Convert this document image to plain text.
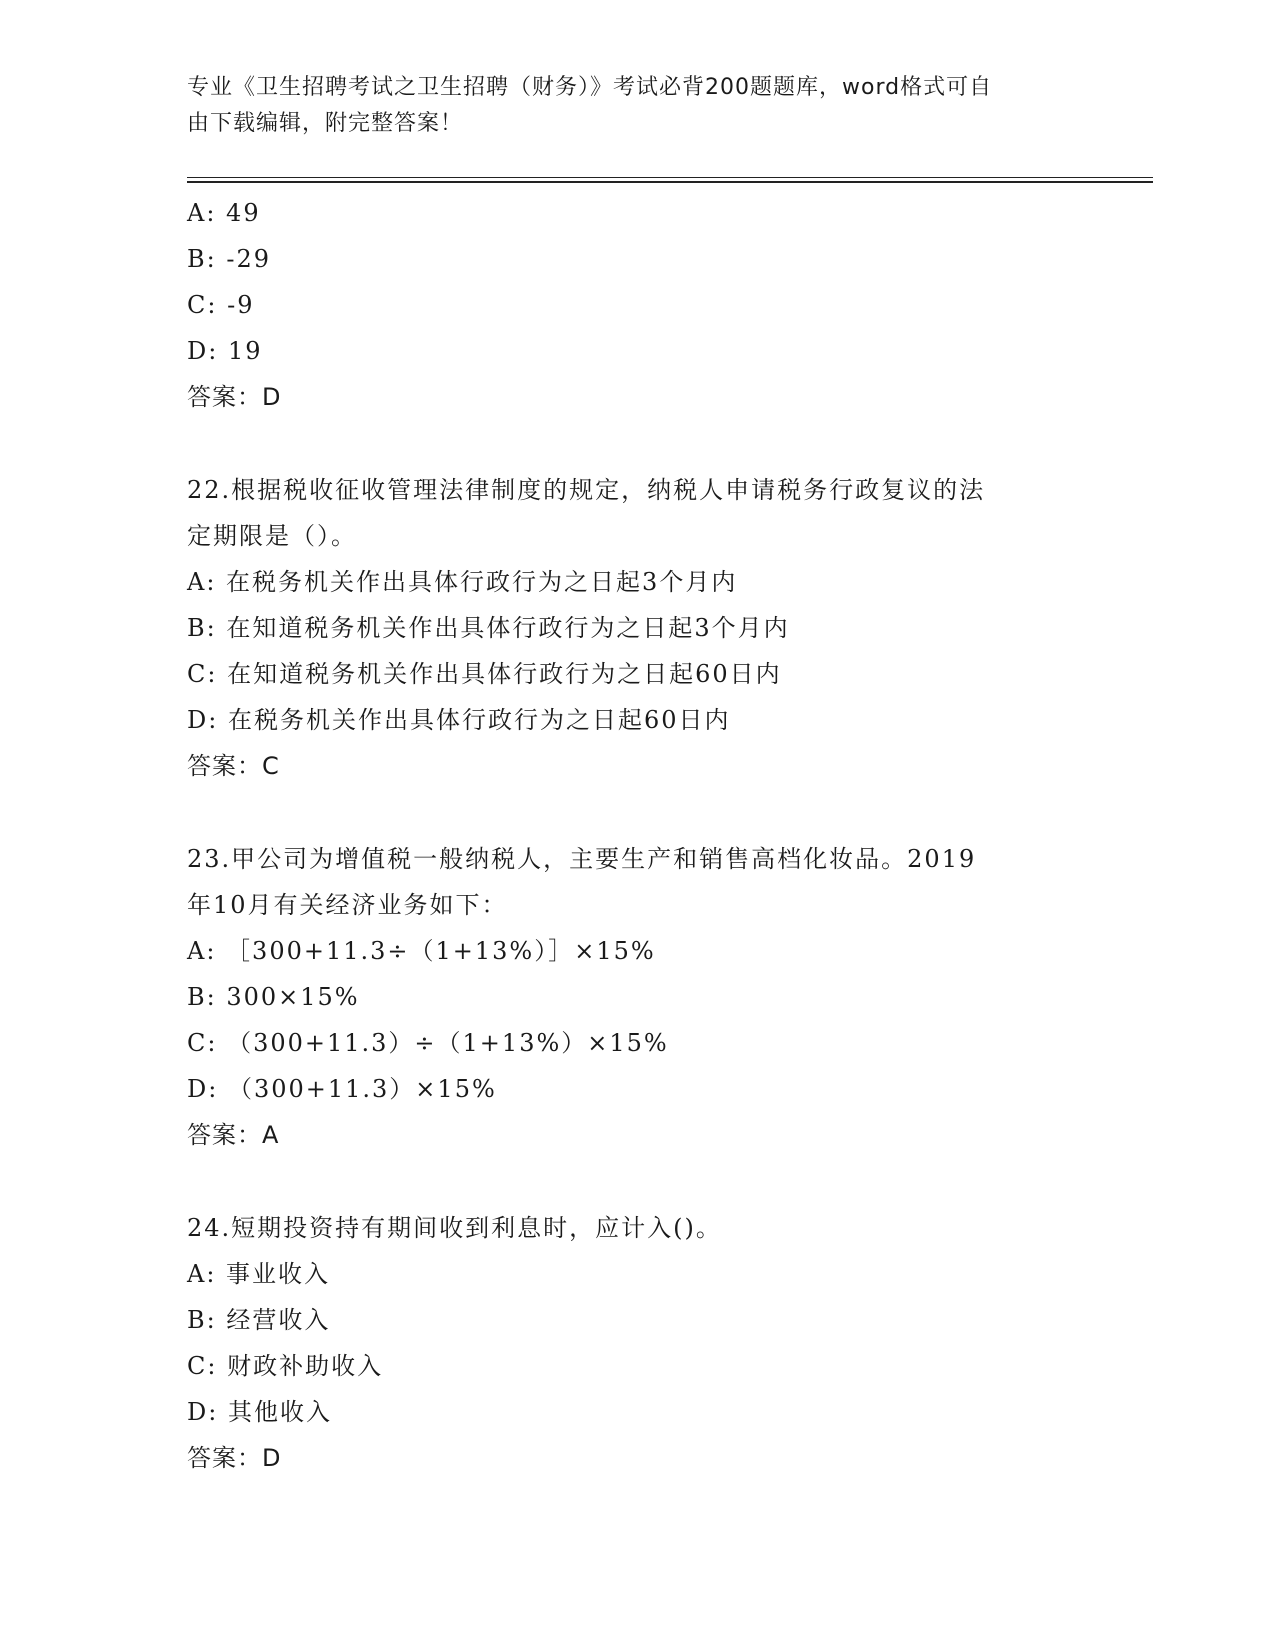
专业《卫生招聘考试之卫生招聘（财务）》考试必背200题题库，word格式可自
由下载编辑，附完整答案！
A: 49
B: -29
C: -9
D: 19
答案：D
22.根据税收征收管理法律制度的规定，纳税人申请税务行政复议的法
定期限是（）。
A: 在税务机关作出具体行政行为之日起3个月内
B: 在知道税务机关作出具体行政行为之日起3个月内
C: 在知道税务机关作出具体行政行为之日起60日内
D: 在税务机关作出具体行政行为之日起60日内
答案：C
23.甲公司为增值税一般纳税人，主要生产和销售高档化妆品。2019
年10月有关经济业务如下：
A: ［300+11.3÷（1+13%）］×15%
B: 300×15%
C: （300+11.3）÷（1+13%）×15%
D: （300+11.3）×15%
答案：A
24.短期投资持有期间收到利息时，应计入()。
A: 事业收入
B: 经营收入
C: 财政补助收入
D: 其他收入
答案：D
